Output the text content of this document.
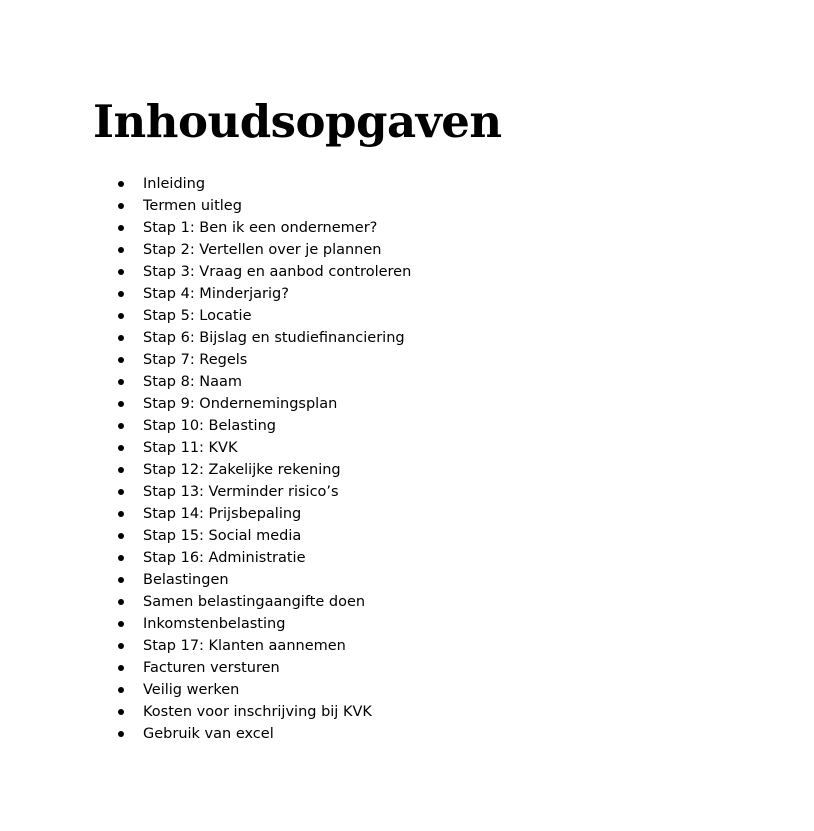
Inhoudsopgaven
Inleiding
Termen uitleg
Stap 1: Ben ik een ondernemer?
Stap 2: Vertellen over je plannen
Stap 3: Vraag en aanbod controleren
Stap 4: Minderjarig?
Stap 5: Locatie
Stap 6: Bijslag en studiefinanciering
Stap 7: Regels
Stap 8: Naam
Stap 9: Ondernemingsplan
Stap 10: Belasting
Stap 11: KVK
Stap 12: Zakelijke rekening
Stap 13: Verminder risico’s
Stap 14: Prijsbepaling
Stap 15: Social media
Stap 16: Administratie
Belastingen
Samen belastingaangifte doen
Inkomstenbelasting
Stap 17: Klanten aannemen
Facturen versturen
Veilig werken
Kosten voor inschrijving bij KVK
Gebruik van excel
